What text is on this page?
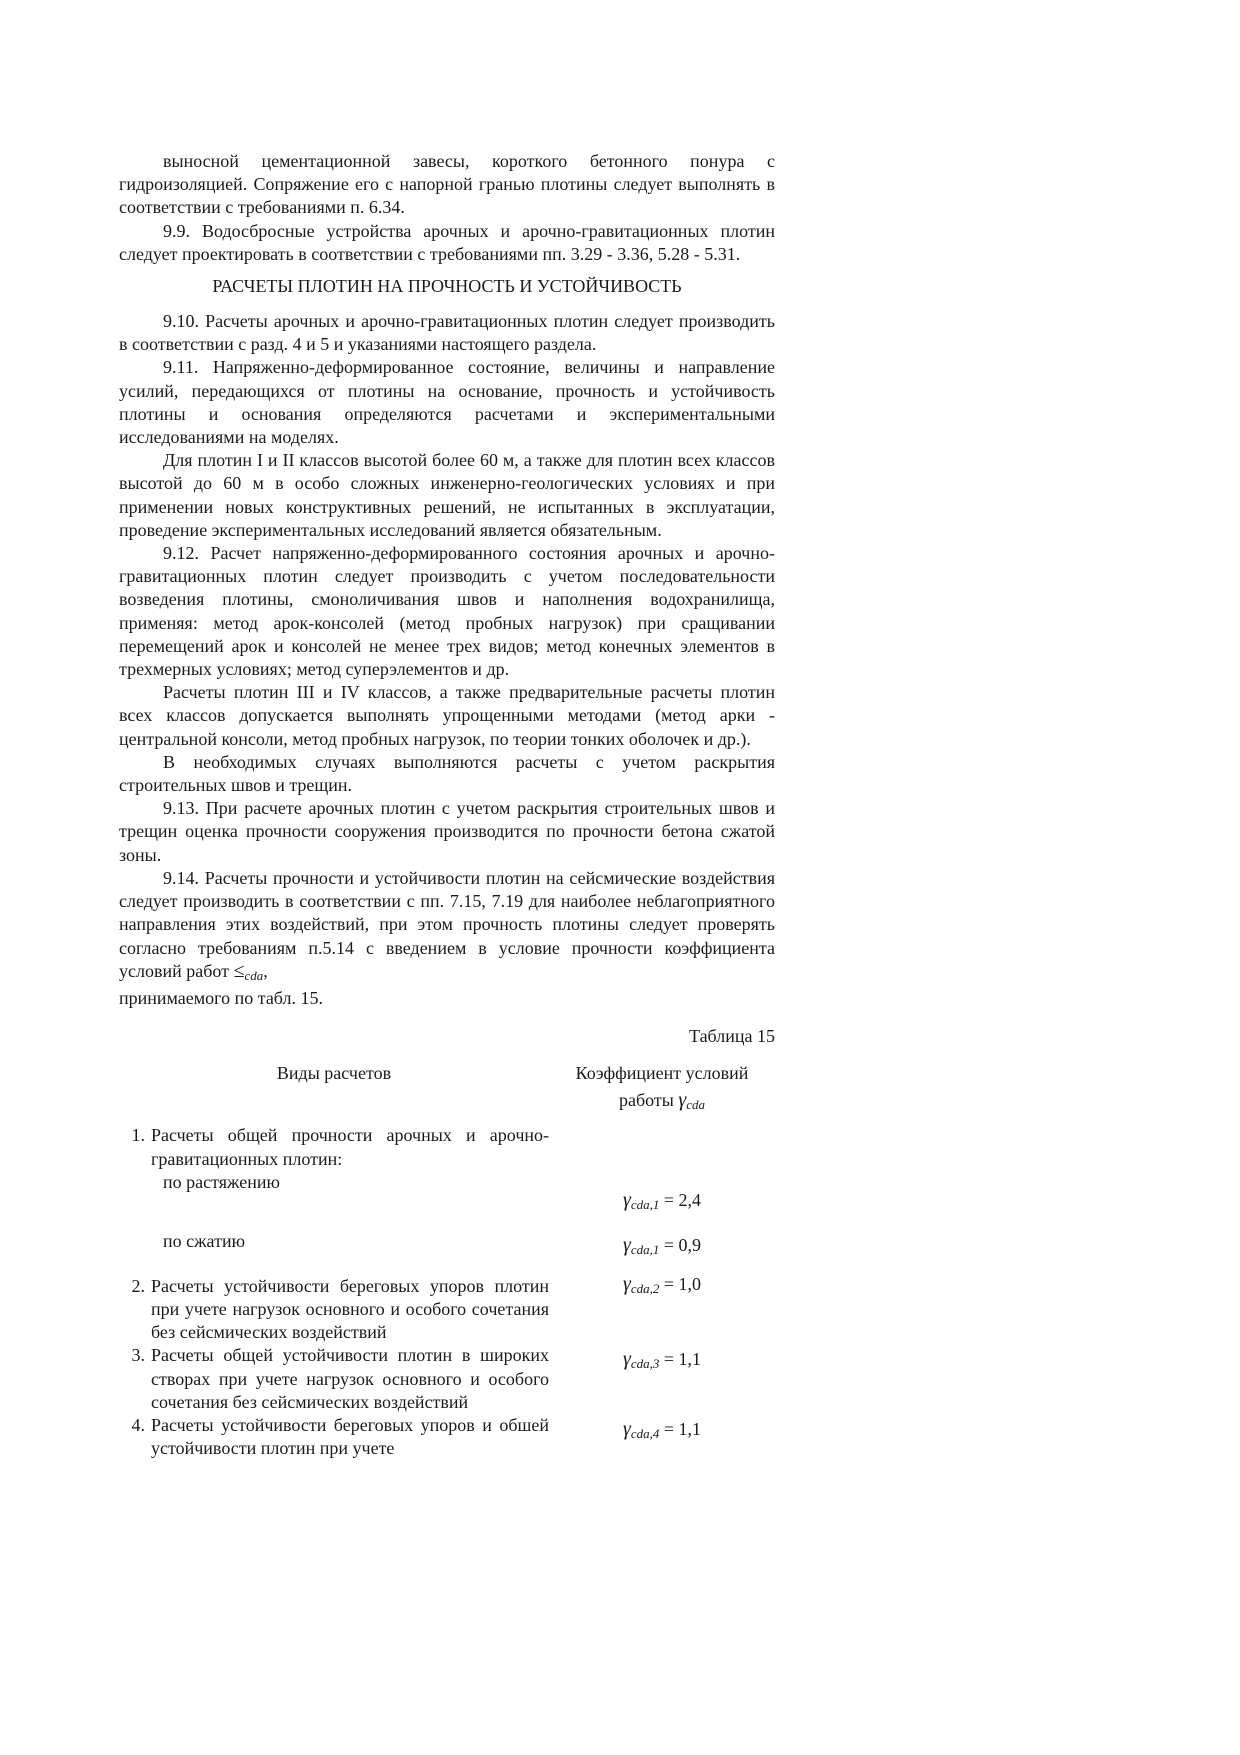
выносной цементационной завесы, короткого бетонного понура с гидроизоляцией. Сопряжение его с напорной гранью плотины следует выполнять в соответствии с требованиями п. 6.34.

9.9. Водосбросные устройства арочных и арочно-гравитационных плотин следует проектировать в соответствии с требованиями пп. 3.29 - 3.36, 5.28 - 5.31.

РАСЧЕТЫ ПЛОТИН НА ПРОЧНОСТЬ И УСТОЙЧИВОСТЬ

9.10. Расчеты арочных и арочно-гравитационных плотин следует производить в соответствии с разд. 4 и 5 и указаниями настоящего раздела.

9.11. Напряженно-деформированное состояние, величины и направление усилий, передающихся от плотины на основание, прочность и устойчивость плотины и основания определяются расчетами и экспериментальными исследованиями на моделях.

Для плотин I и II классов высотой более 60 м, а также для плотин всех классов высотой до 60 м в особо сложных инженерно-геологических условиях и при применении новых конструктивных решений, не испытанных в эксплуатации, проведение экспериментальных исследований является обязательным.

9.12. Расчет напряженно-деформированного состояния арочных и арочно-гравитационных плотин следует производить с учетом последовательности возведения плотины, смоноличивания швов и наполнения водохранилища, применяя: метод арок-консолей (метод пробных нагрузок) при сращивании перемещений арок и консолей не менее трех видов; метод конечных элементов в трехмерных условиях; метод суперэлементов и др.

Расчеты плотин III и IV классов, а также предварительные расчеты плотин всех классов допускается выполнять упрощенными методами (метод арки - центральной консоли, метод пробных нагрузок, по теории тонких оболочек и др.).

В необходимых случаях выполняются расчеты с учетом раскрытия строительных швов и трещин.

9.13. При расчете арочных плотин с учетом раскрытия строительных швов и трещин оценка прочности сооружения производится по прочности бетона сжатой зоны.

9.14. Расчеты прочности и устойчивости плотин на сейсмические воздействия следует производить в соответствии с пп. 7.15, 7.19 для наиболее неблагоприятного направления этих воздействий, при этом прочность плотины следует проверять согласно требованиям п.5.14 с введением в условие прочности коэффициента условий работ $\le_{cda}$,

принимаемого по табл. 15.

Таблица 15
Виды расчетов	Коэффициент условий
работы $\gamma_{cda}$

1. Расчеты общей прочности арочных и арочно-гравитационных плотин:	

по растяжению	$\gamma_{cda,1} = 2,4$

по сжатию	$\gamma_{cda,1} = 0,9$

2. Расчеты устойчивости береговых упоров плотин при учете нагрузок основного и особого сочетания без сейсмических воздействий	$\gamma_{cda,2} = 1,0$

3. Расчеты общей устойчивости плотин в широких створах при учете нагрузок основного и особого сочетания без сейсмических воздействий	$\gamma_{cda,3} = 1,1$

4. Расчеты устойчивости береговых упоров и обшей устойчивости плотин при учете	$\gamma_{cda,4} = 1,1$
